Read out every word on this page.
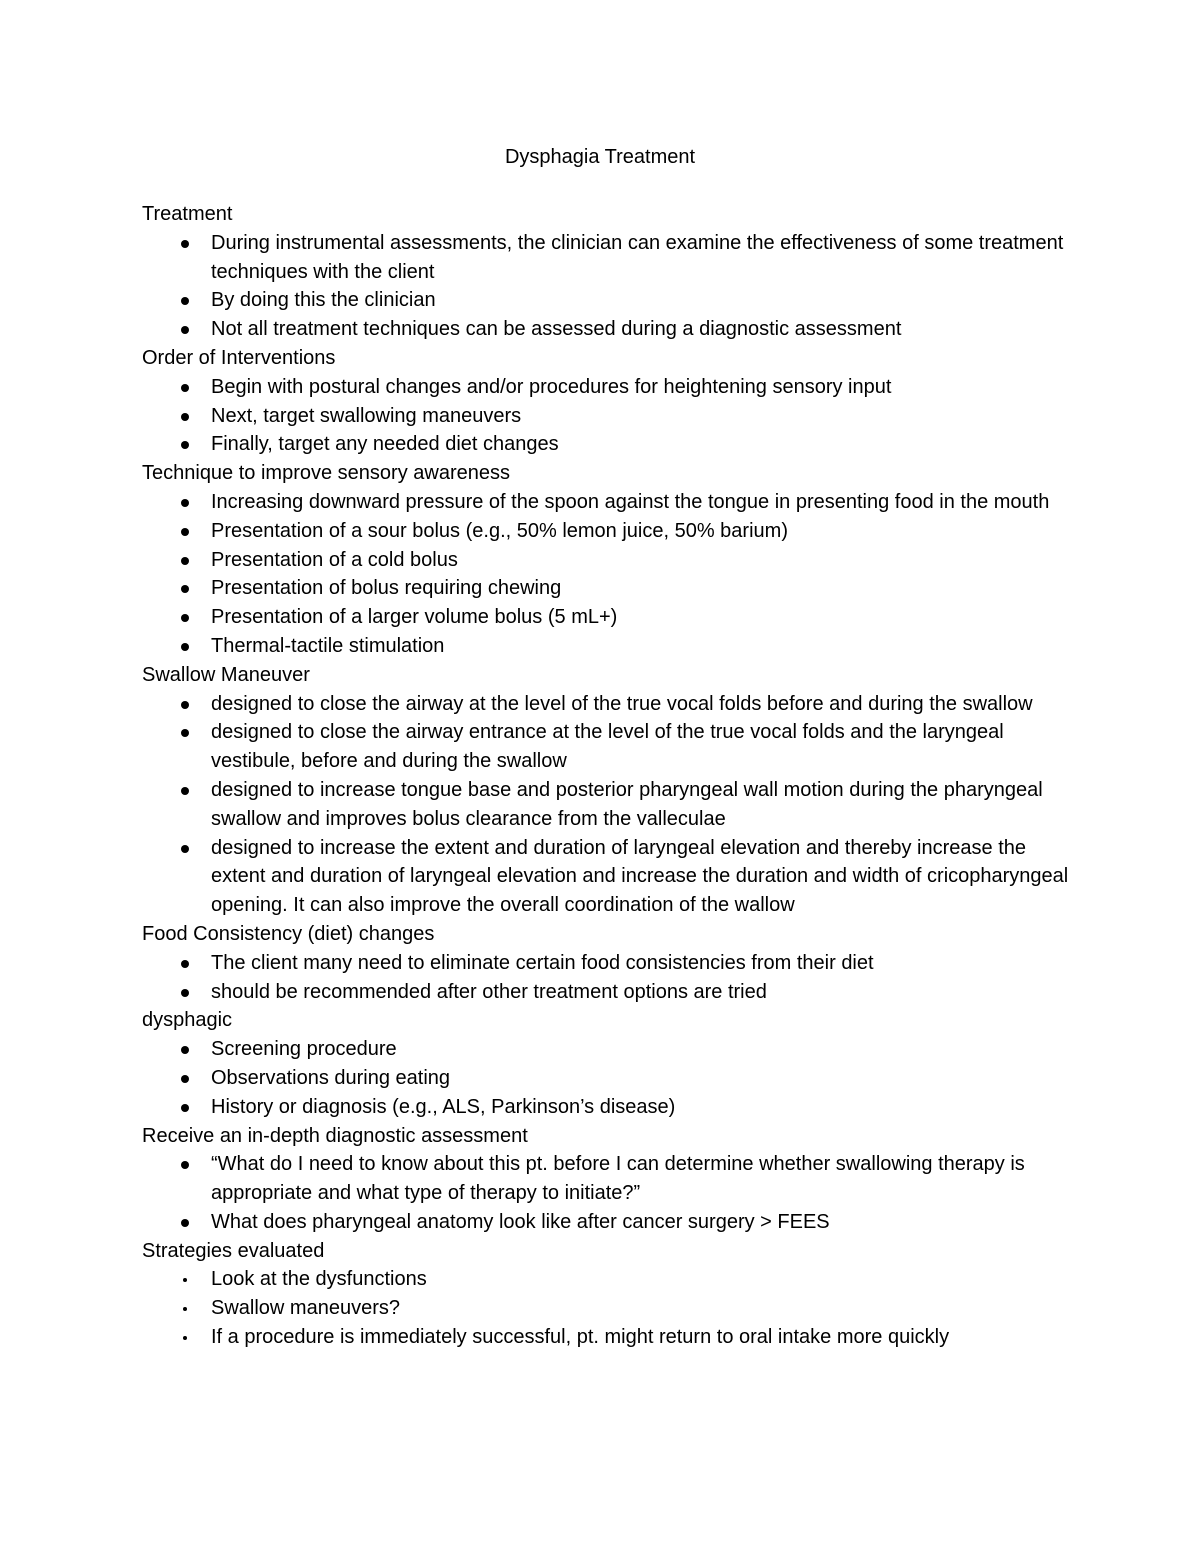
Dysphagia Treatment
Treatment
During instrumental assessments, the clinician can examine the effectiveness of some treatment techniques with the client
By doing this the clinician
Not all treatment techniques can be assessed during a diagnostic assessment
Order of Interventions
Begin with postural changes and/or procedures for heightening sensory input
Next, target swallowing maneuvers
Finally, target any needed diet changes
Technique to improve sensory awareness
Increasing downward pressure of the spoon against the tongue in presenting food in the mouth
Presentation of a sour bolus (e.g., 50% lemon juice, 50% barium)
Presentation of a cold bolus
Presentation of bolus requiring chewing
Presentation of a larger volume bolus (5 mL+)
Thermal-tactile stimulation
Swallow Maneuver
designed to close the airway at the level of the true vocal folds before and during the swallow
designed to close the airway entrance at the level of the true vocal folds and the laryngeal vestibule, before and during the swallow
designed to increase tongue base and posterior pharyngeal wall motion during the pharyngeal swallow and improves bolus clearance from the valleculae
designed to increase the extent and duration of laryngeal elevation and thereby increase the extent and duration of laryngeal elevation and increase the duration and width of cricopharyngeal opening. It can also improve the overall coordination of the wallow
Food Consistency (diet) changes
The client many need to eliminate certain food consistencies from their diet
should be recommended after other treatment options are tried
dysphagic
Screening procedure
Observations during eating
History or diagnosis (e.g., ALS, Parkinson’s disease)
Receive an in-depth diagnostic assessment
“What do I need to know about this pt. before I can determine whether swallowing therapy is appropriate and what type of therapy to initiate?”
What does pharyngeal anatomy look like after cancer surgery > FEES
Strategies evaluated
Look at the dysfunctions
Swallow maneuvers?
If a procedure is immediately successful, pt. might return to oral intake more quickly
